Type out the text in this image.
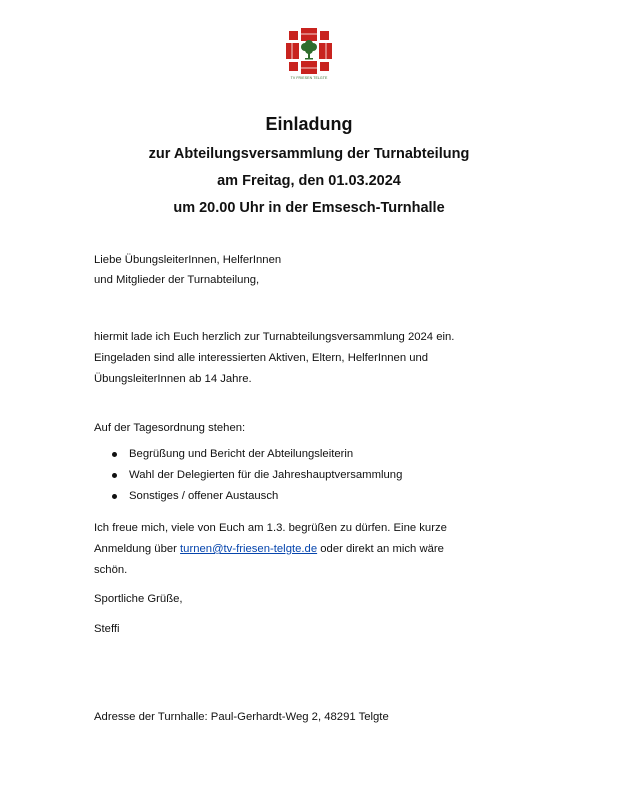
TV FRIESEN TELGTE
Einladung
zur Abteilungsversammlung der Turnabteilung
am Freitag, den 01.03.2024
um 20.00 Uhr in der Emsesch-Turnhalle
Liebe ÜbungsleiterInnen, HelferInnen
und Mitglieder der Turnabteilung,
hiermit lade ich Euch herzlich zur Turnabteilungsversammlung 2024 ein.
Eingeladen sind alle interessierten Aktiven, Eltern, HelferInnen und
ÜbungsleiterInnen ab 14 Jahre.
Auf der Tagesordnung stehen:
Begrüßung und Bericht der Abteilungsleiterin
Wahl der Delegierten für die Jahreshauptversammlung
Sonstiges / offener Austausch
Ich freue mich, viele von Euch am 1.3. begrüßen zu dürfen. Eine kurze
Anmeldung über turnen@tv-friesen-telgte.de oder direkt an mich wäre
schön.
Sportliche Grüße,
Steffi
Adresse der Turnhalle: Paul-Gerhardt-Weg 2, 48291 Telgte
